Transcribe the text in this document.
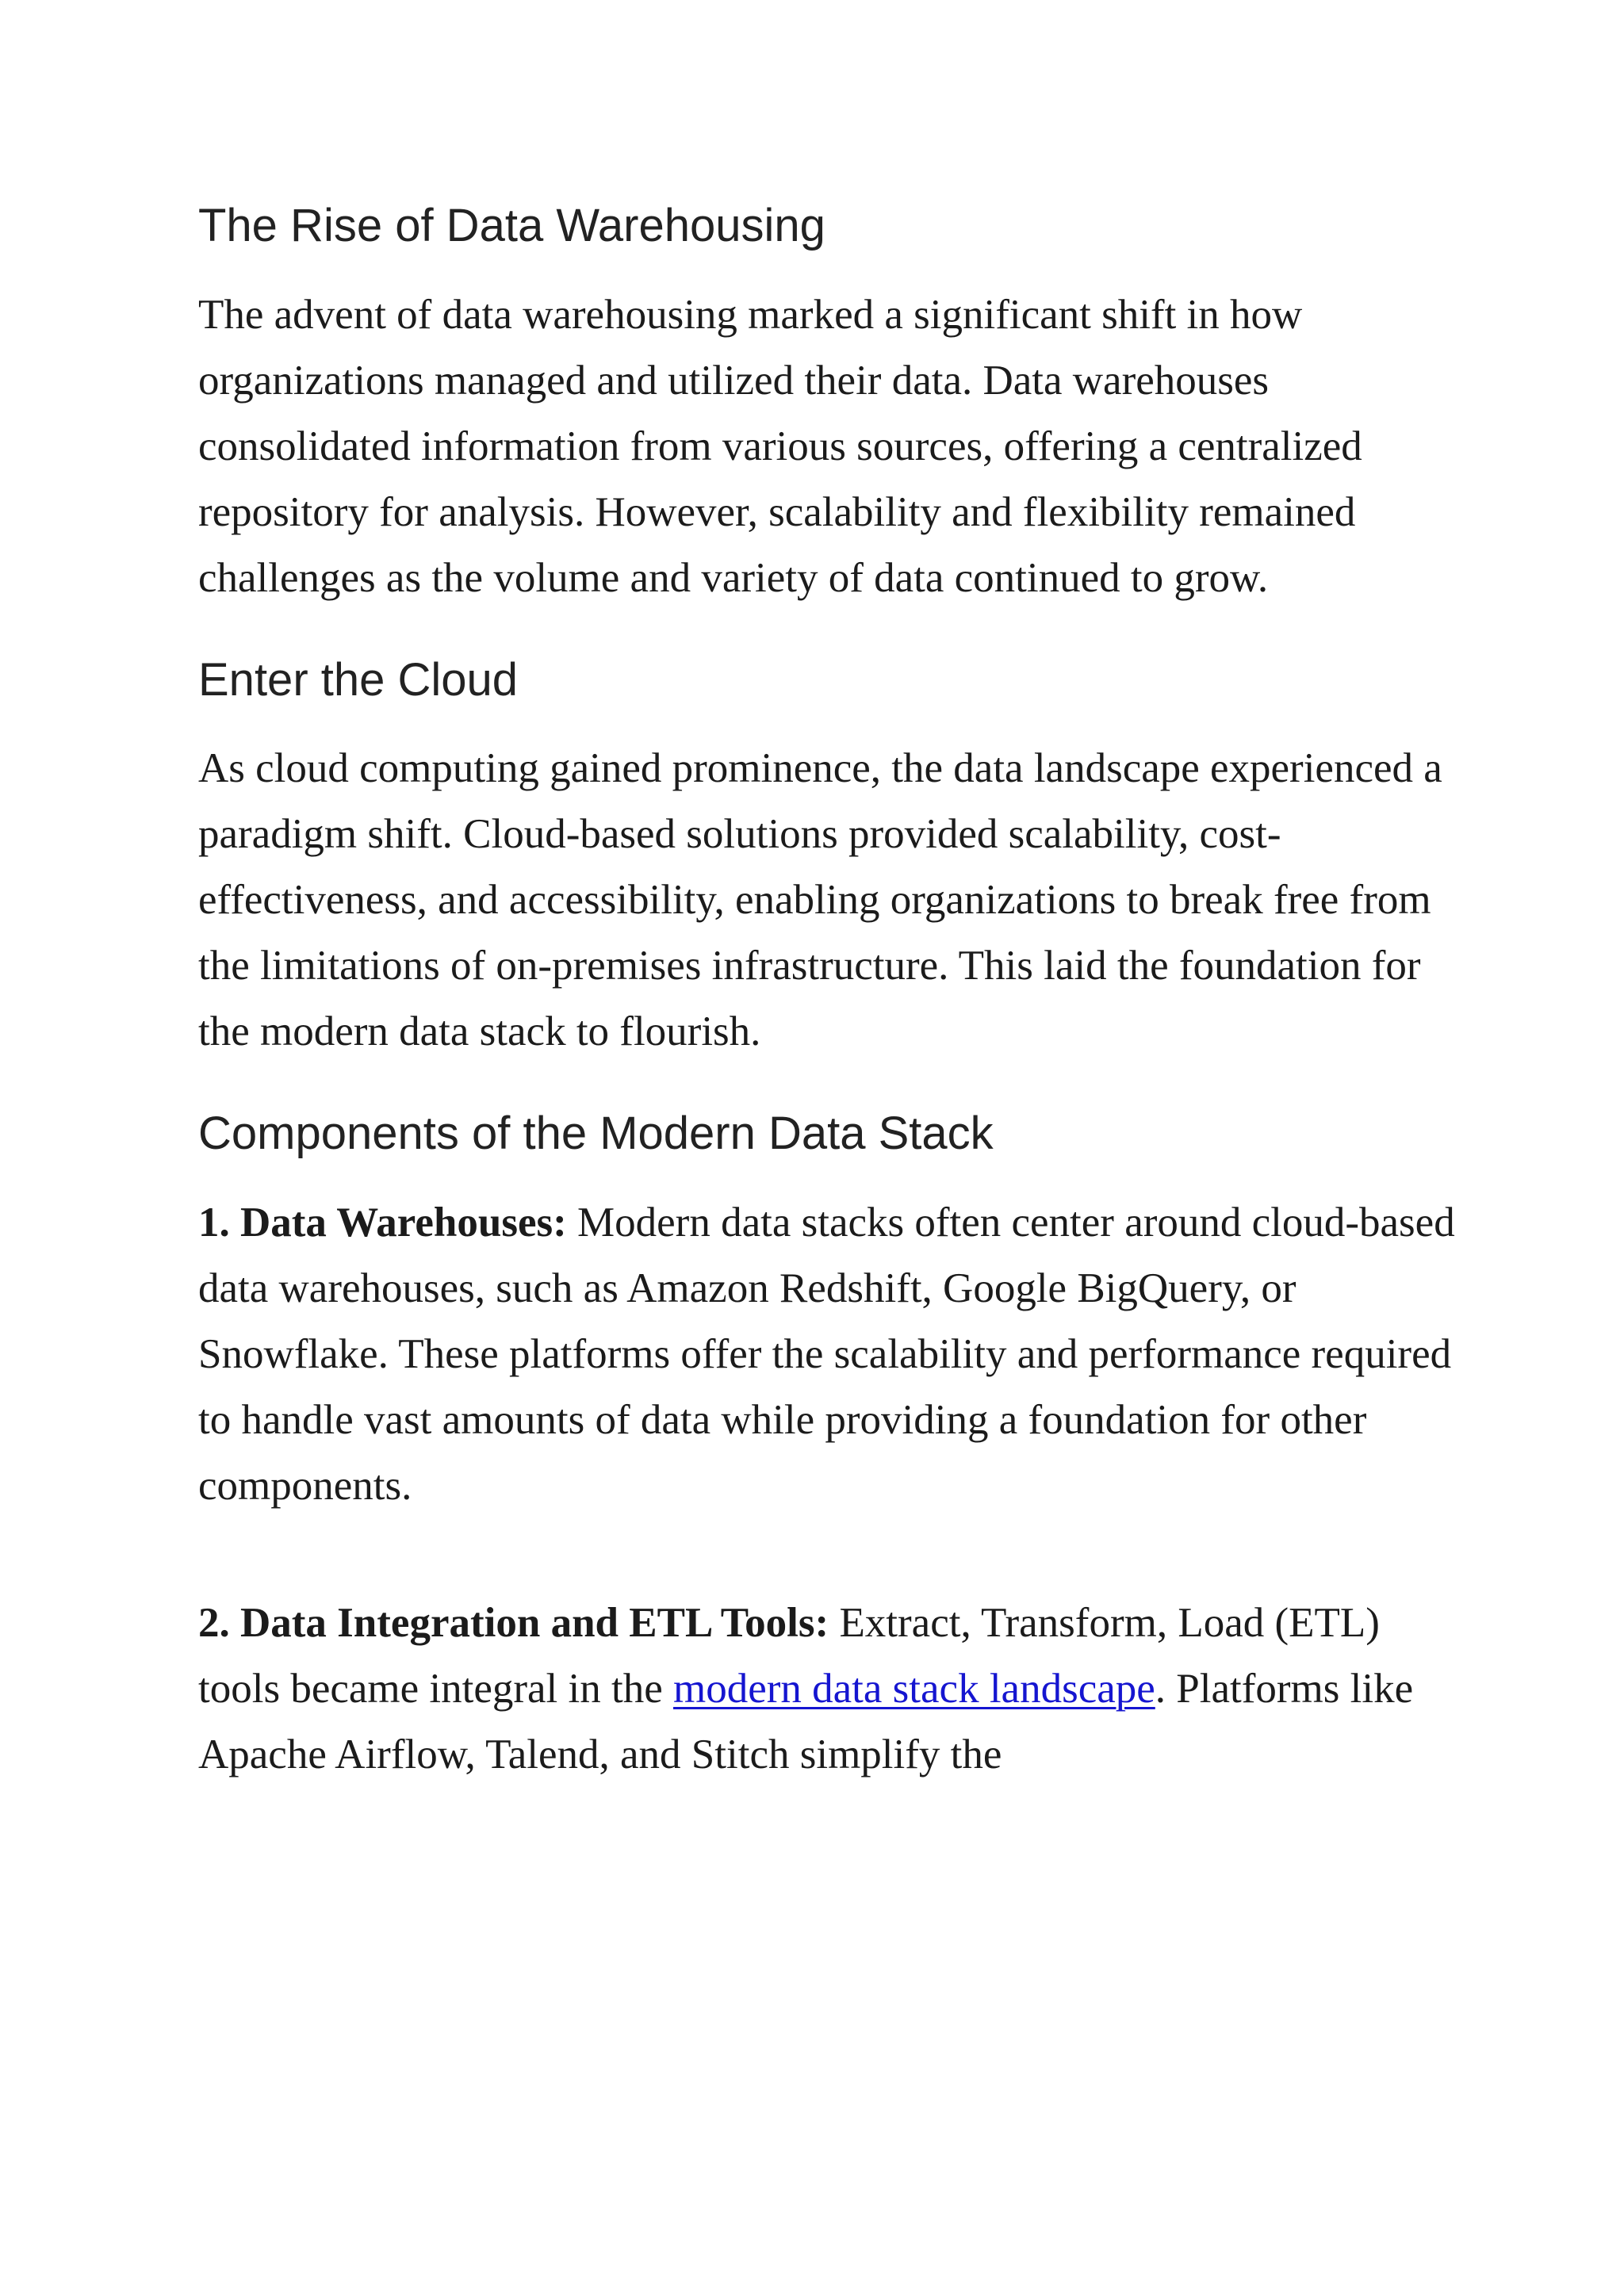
The Rise of Data Warehousing

The advent of data warehousing marked a significant shift in how organizations managed and utilized their data. Data warehouses consolidated information from various sources, offering a centralized repository for analysis. However, scalability and flexibility remained challenges as the volume and variety of data continued to grow.

Enter the Cloud

As cloud computing gained prominence, the data landscape experienced a paradigm shift. Cloud-based solutions provided scalability, cost-effectiveness, and accessibility, enabling organizations to break free from the limitations of on-premises infrastructure. This laid the foundation for the modern data stack to flourish.

Components of the Modern Data Stack

1. Data Warehouses: Modern data stacks often center around cloud-based data warehouses, such as Amazon Redshift, Google BigQuery, or Snowflake. These platforms offer the scalability and performance required to handle vast amounts of data while providing a foundation for other components.

2. Data Integration and ETL Tools: Extract, Transform, Load (ETL) tools became integral in the modern data stack landscape. Platforms like Apache Airflow, Talend, and Stitch simplify the
